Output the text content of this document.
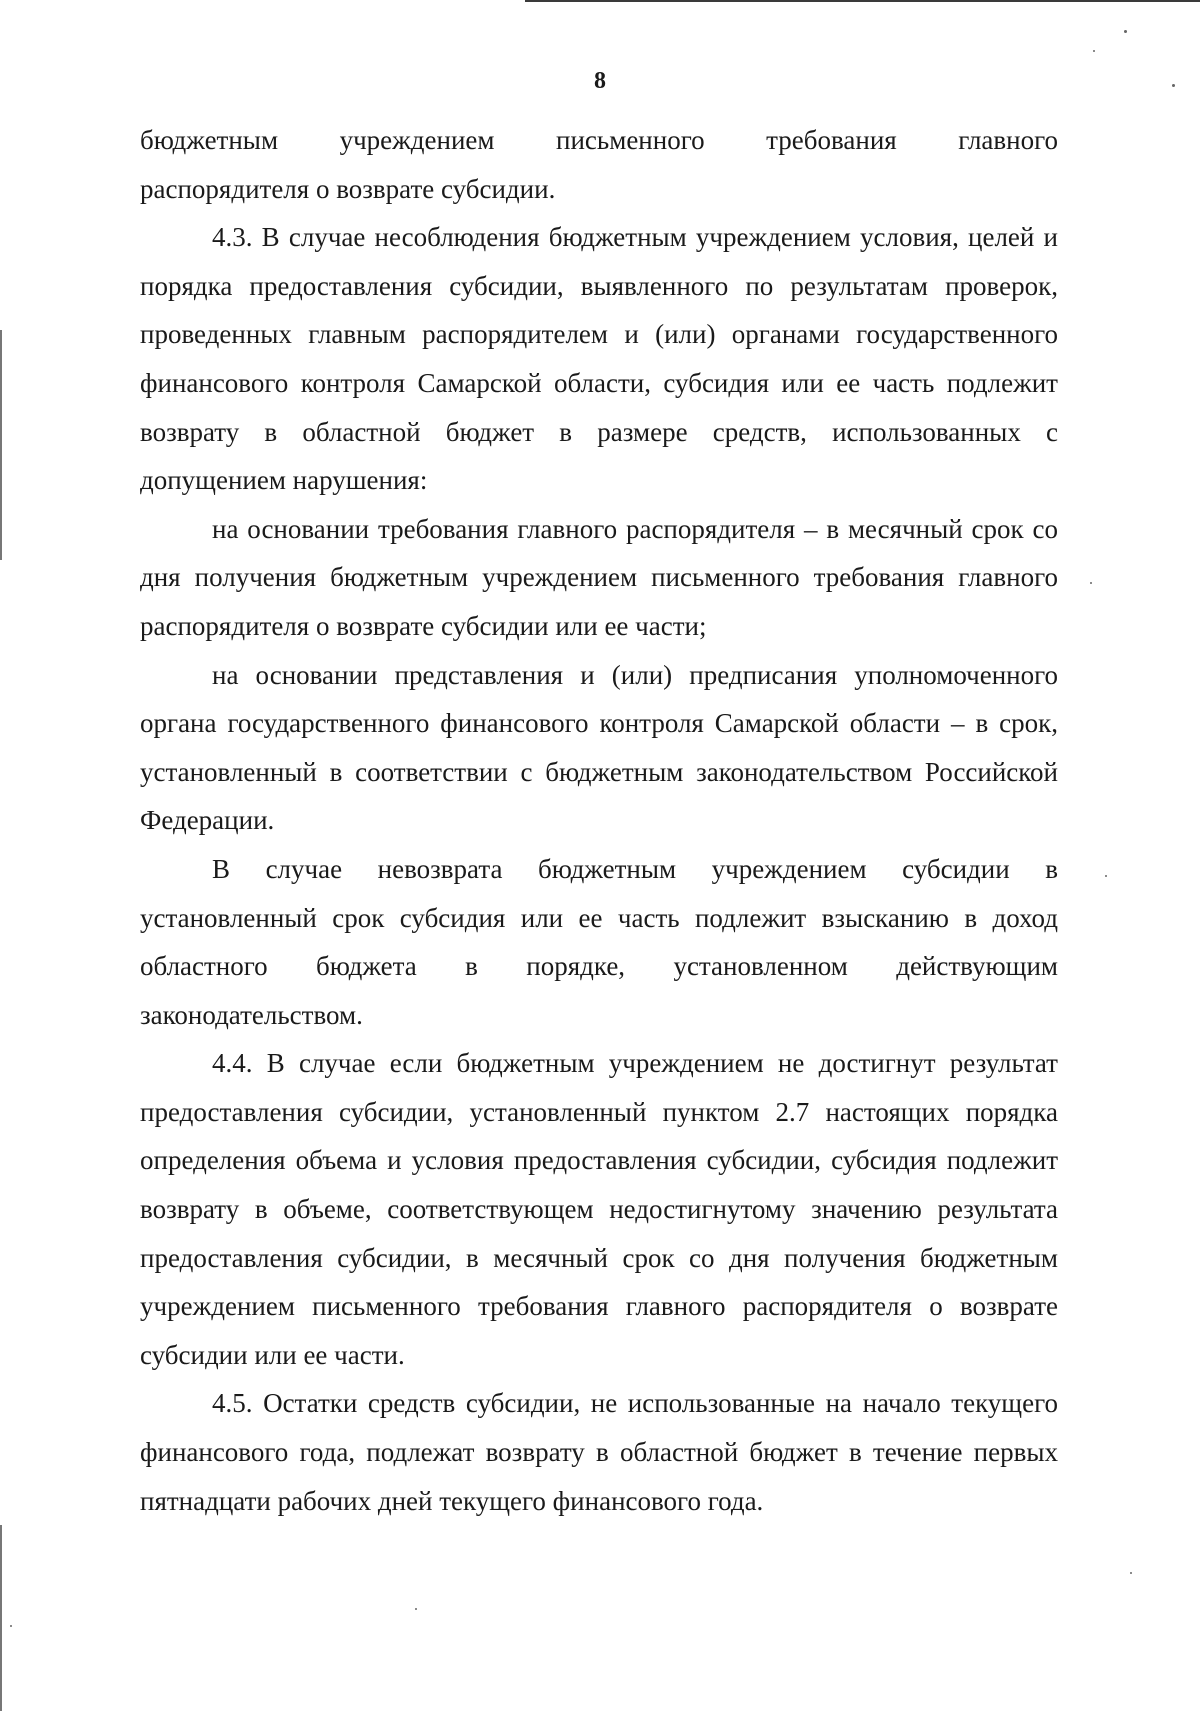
8

бюджетным учреждением письменного требования главного

распорядителя о возврате субсидии.

4.3. В случае несоблюдения бюджетным учреждением условия, целей и порядка предоставления субсидии, выявленного по результатам проверок, проведенных главным распорядителем и (или) органами государственного финансового контроля Самарской области, субсидия или ее часть подлежит возврату в областной бюджет в размере средств, использованных с допущением нарушения:

на основании требования главного распорядителя – в месячный срок со дня получения бюджетным учреждением письменного требования главного распорядителя о возврате субсидии или ее части;

на основании представления и (или) предписания уполномоченного органа государственного финансового контроля Самарской области – в срок, установленный в соответствии с бюджетным законодательством Российской Федерации.

В случае невозврата бюджетным учреждением субсидии в установленный срок субсидия или ее часть подлежит взысканию в доход областного бюджета в порядке, установленном действующим законодательством.

4.4. В случае если бюджетным учреждением не достигнут результат предоставления субсидии, установленный пунктом 2.7 настоящих порядка определения объема и условия предоставления субсидии, субсидия подлежит возврату в объеме, соответствующем недостигнутому значению результата предоставления субсидии, в месячный срок со дня получения бюджетным учреждением письменного требования главного распорядителя о возврате субсидии или ее части.

4.5. Остатки средств субсидии, не использованные на начало текущего финансового года, подлежат возврату в областной бюджет в течение первых пятнадцати рабочих дней текущего финансового года.
